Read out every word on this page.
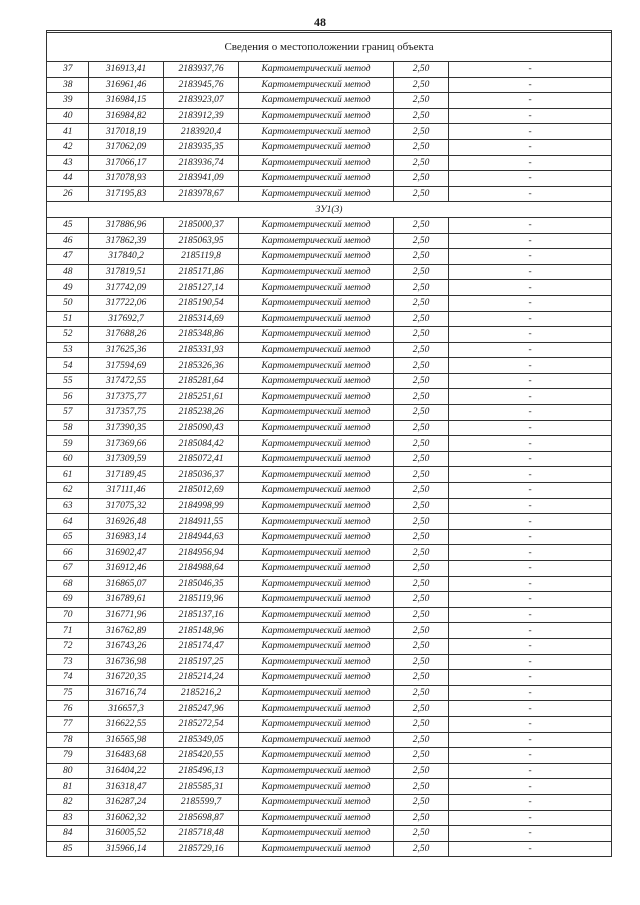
48

Сведения о местоположении границ объекта					
37	316913,41	2183937,76	Картометрический метод	2,50	-
38	316961,46	2183945,76	Картометрический метод	2,50	-
39	316984,15	2183923,07	Картометрический метод	2,50	-
40	316984,82	2183912,39	Картометрический метод	2,50	-
41	317018,19	2183920,4	Картометрический метод	2,50	-
42	317062,09	2183935,35	Картометрический метод	2,50	-
43	317066,17	2183936,74	Картометрический метод	2,50	-
44	317078,93	2183941,09	Картометрический метод	2,50	-
26	317195,83	2183978,67	Картометрический метод	2,50	-
ЗУ1(3)					
45	317886,96	2185000,37	Картометрический метод	2,50	-
46	317862,39	2185063,95	Картометрический метод	2,50	-
47	317840,2	2185119,8	Картометрический метод	2,50	-
48	317819,51	2185171,86	Картометрический метод	2,50	-
49	317742,09	2185127,14	Картометрический метод	2,50	-
50	317722,06	2185190,54	Картометрический метод	2,50	-
51	317692,7	2185314,69	Картометрический метод	2,50	-
52	317688,26	2185348,86	Картометрический метод	2,50	-
53	317625,36	2185331,93	Картометрический метод	2,50	-
54	317594,69	2185326,36	Картометрический метод	2,50	-
55	317472,55	2185281,64	Картометрический метод	2,50	-
56	317375,77	2185251,61	Картометрический метод	2,50	-
57	317357,75	2185238,26	Картометрический метод	2,50	-
58	317390,35	2185090,43	Картометрический метод	2,50	-
59	317369,66	2185084,42	Картометрический метод	2,50	-
60	317309,59	2185072,41	Картометрический метод	2,50	-
61	317189,45	2185036,37	Картометрический метод	2,50	-
62	317111,46	2185012,69	Картометрический метод	2,50	-
63	317075,32	2184998,99	Картометрический метод	2,50	-
64	316926,48	2184911,55	Картометрический метод	2,50	-
65	316983,14	2184944,63	Картометрический метод	2,50	-
66	316902,47	2184956,94	Картометрический метод	2,50	-
67	316912,46	2184988,64	Картометрический метод	2,50	-
68	316865,07	2185046,35	Картометрический метод	2,50	-
69	316789,61	2185119,96	Картометрический метод	2,50	-
70	316771,96	2185137,16	Картометрический метод	2,50	-
71	316762,89	2185148,96	Картометрический метод	2,50	-
72	316743,26	2185174,47	Картометрический метод	2,50	-
73	316736,98	2185197,25	Картометрический метод	2,50	-
74	316720,35	2185214,24	Картометрический метод	2,50	-
75	316716,74	2185216,2	Картометрический метод	2,50	-
76	316657,3	2185247,96	Картометрический метод	2,50	-
77	316622,55	2185272,54	Картометрический метод	2,50	-
78	316565,98	2185349,05	Картометрический метод	2,50	-
79	316483,68	2185420,55	Картометрический метод	2,50	-
80	316404,22	2185496,13	Картометрический метод	2,50	-
81	316318,47	2185585,31	Картометрический метод	2,50	-
82	316287,24	2185599,7	Картометрический метод	2,50	-
83	316062,32	2185698,87	Картометрический метод	2,50	-
84	316005,52	2185718,48	Картометрический метод	2,50	-
85	315966,14	2185729,16	Картометрический метод	2,50	-
